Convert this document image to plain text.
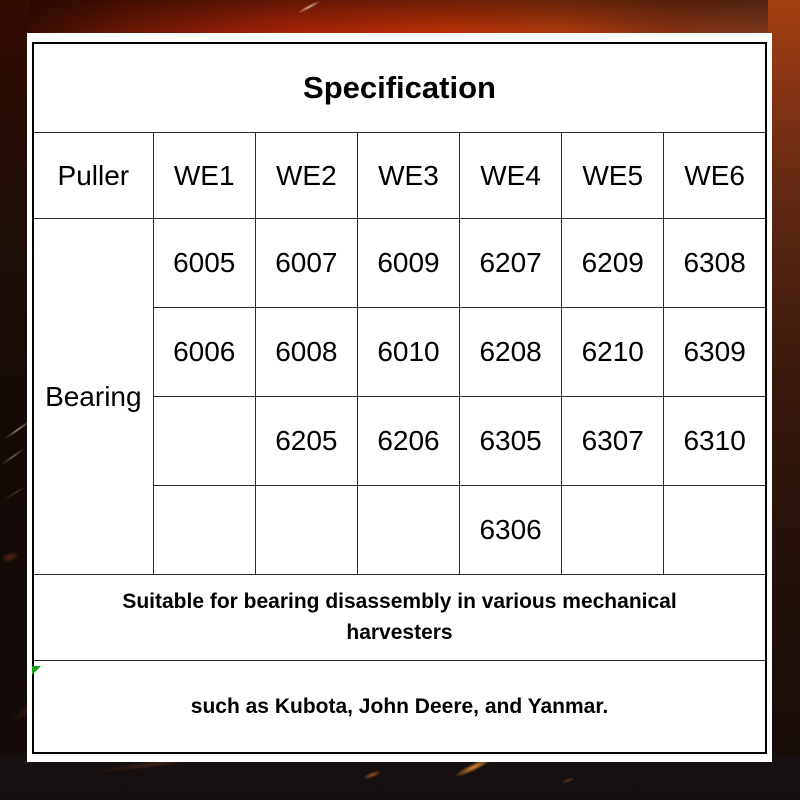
Specification						
Puller	WE1	WE2	WE3	WE4	WE5	WE6
Bearing	6005	6007	6009	6207	6209	6308
	6006	6008	6010	6208	6210	6309
		6205	6206	6305	6307	6310
				6306		
Suitable for bearing disassembly in various mechanical harvesters						
such as Kubota, John Deere, and Yanmar.						
